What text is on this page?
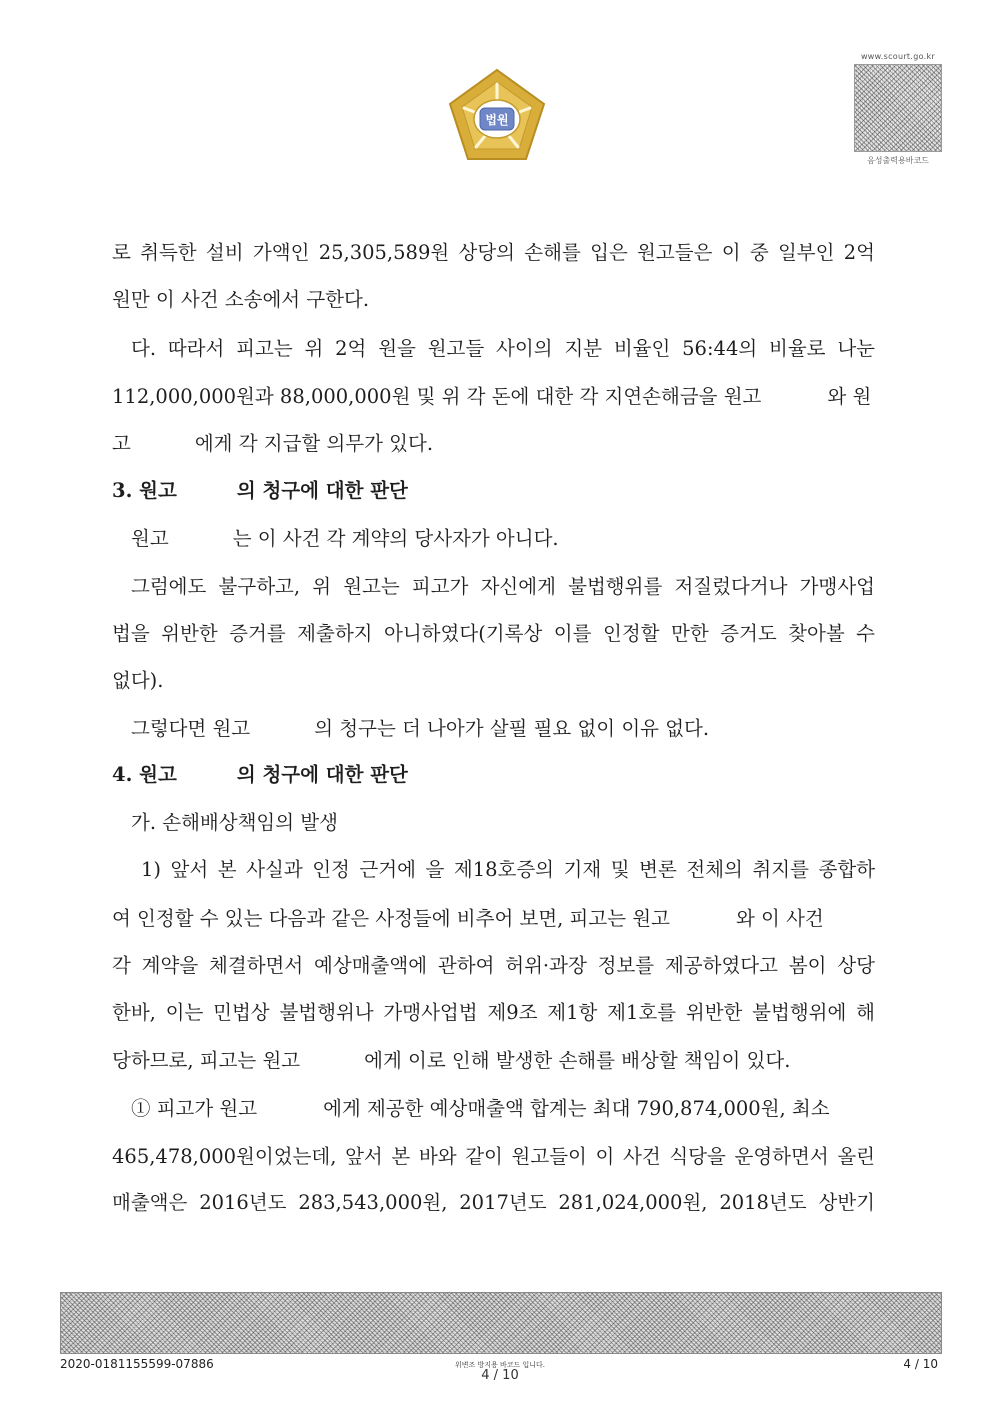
법원
www.scourt.go.kr
음성출력용바코드

로 취득한 설비 가액인 25,305,589원 상당의 손해를 입은 원고들은 이 중 일부인 2억

원만 이 사건 소송에서 구한다.

다. 따라서 피고는 위 2억 원을 원고들 사이의 지분 비율인 56:44의 비율로 나눈

112,000,000원과 88,000,000원 및 위 각 돈에 대한 각 지연손해금을 원고	와 원

고	에게 각 지급할 의무가 있다.

3. 원고	의 청구에 대한 판단

원고	는 이 사건 각 계약의 당사자가 아니다.

그럼에도 불구하고, 위 원고는 피고가 자신에게 불법행위를 저질렀다거나 가맹사업

법을 위반한 증거를 제출하지 아니하였다(기록상 이를 인정할 만한 증거도 찾아볼 수

없다).

그렇다면 원고	의 청구는 더 나아가 살필 필요 없이 이유 없다.

4. 원고	의 청구에 대한 판단

가. 손해배상책임의 발생

1) 앞서 본 사실과 인정 근거에 을 제18호증의 기재 및 변론 전체의 취지를 종합하

여 인정할 수 있는 다음과 같은 사정들에 비추어 보면, 피고는 원고	와 이 사건

각 계약을 체결하면서 예상매출액에 관하여 허위·과장 정보를 제공하였다고 봄이 상당

한바, 이는 민법상 불법행위나 가맹사업법 제9조 제1항 제1호를 위반한 불법행위에 해

당하므로, 피고는 원고	에게 이로 인해 발생한 손해를 배상할 책임이 있다.

① 피고가 원고	에게 제공한 예상매출액 합계는 최대 790,874,000원, 최소

465,478,000원이었는데, 앞서 본 바와 같이 원고들이 이 사건 식당을 운영하면서 올린

매출액은 2016년도 283,543,000원, 2017년도 281,024,000원, 2018년도 상반기

2020-0181155599-07886	위변조 방지용 바코드 입니다.
4 / 10
4 / 10
